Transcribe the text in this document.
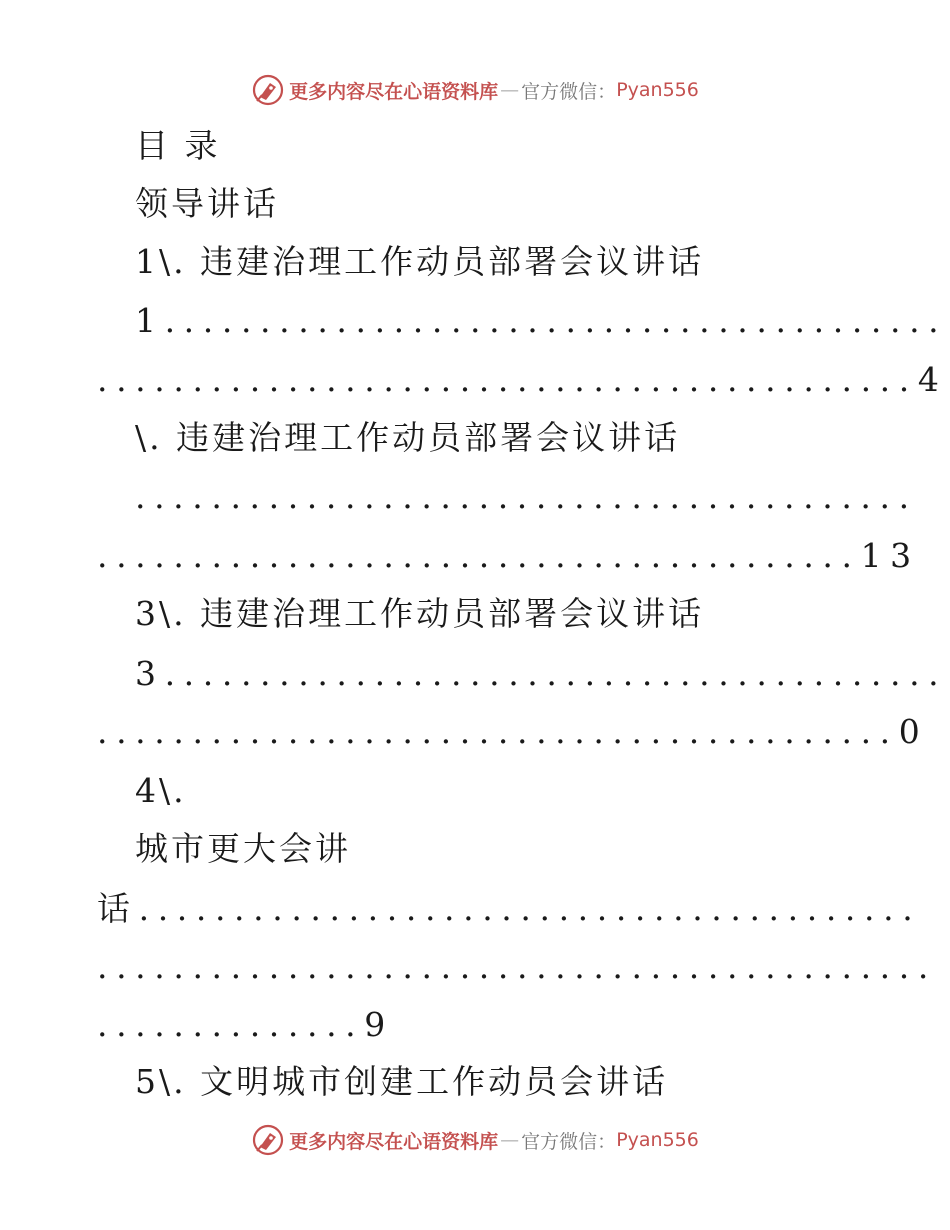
更多内容尽在心语资料库 — 官方微信： Pyan556
目 录
领导讲话
1\. 违建治理工作动员部署会议讲话
1.........................................
...........................................4
\. 违建治理工作动员部署会议讲话
.........................................
........................................13
3\. 违建治理工作动员部署会议讲话
3.........................................
..........................................0
4\.
城市更大会讲
话.........................................
............................................
..............9
5\. 文明城市创建工作动员会讲话
更多内容尽在心语资料库 — 官方微信： Pyan556
